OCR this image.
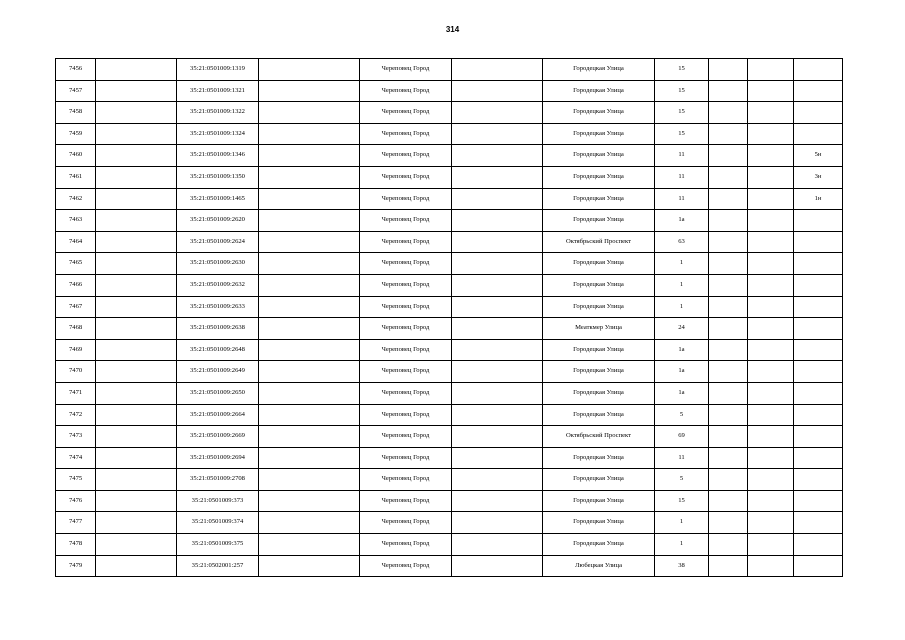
314
7456		35:21:0501009:1319		Череповец Город		Городецкая Улица	15			
7457		35:21:0501009:1321		Череповец Город		Городецкая Улица	15			
7458		35:21:0501009:1322		Череповец Город		Городецкая Улица	15			
7459		35:21:0501009:1324		Череповец Город		Городецкая Улица	15			
7460		35:21:0501009:1346		Череповец Город		Городецкая Улица	11			5н
7461		35:21:0501009:1350		Череповец Город		Городецкая Улица	11			3н
7462		35:21:0501009:1465		Череповец Город		Городецкая Улица	11			1н
7463		35:21:0501009:2620		Череповец Город		Городецкая Улица	1а			
7464		35:21:0501009:2624		Череповец Город		Октябрьский Проспект	63			
7465		35:21:0501009:2630		Череповец Город		Городецкая Улица	1			
7466		35:21:0501009:2632		Череповец Город		Городецкая Улица	1			
7467		35:21:0501009:2633		Череповец Город		Городецкая Улица	1			
7468		35:21:0501009:2638		Череповец Город		Меаткмер Улица	24			
7469		35:21:0501009:2648		Череповец Город		Городецкая Улица	1а			
7470		35:21:0501009:2649		Череповец Город		Городецкая Улица	1а			
7471		35:21:0501009:2650		Череповец Город		Городецкая Улица	1а			
7472		35:21:0501009:2664		Череповец Город		Городецкая Улица	5			
7473		35:21:0501009:2669		Череповец Город		Октябрьский Проспект	69			
7474		35:21:0501009:2694		Череповец Город		Городецкая Улица	11			
7475		35:21:0501009:2708		Череповец Город		Городецкая Улица	5			
7476		35:21:0501009:373		Череповец Город		Городецкая Улица	15			
7477		35:21:0501009:374		Череповец Город		Городецкая Улица	1			
7478		35:21:0501009:375		Череповец Город		Городецкая Улица	1			
7479		35:21:0502001:257		Череповец Город		Любецкая Улица	38			
